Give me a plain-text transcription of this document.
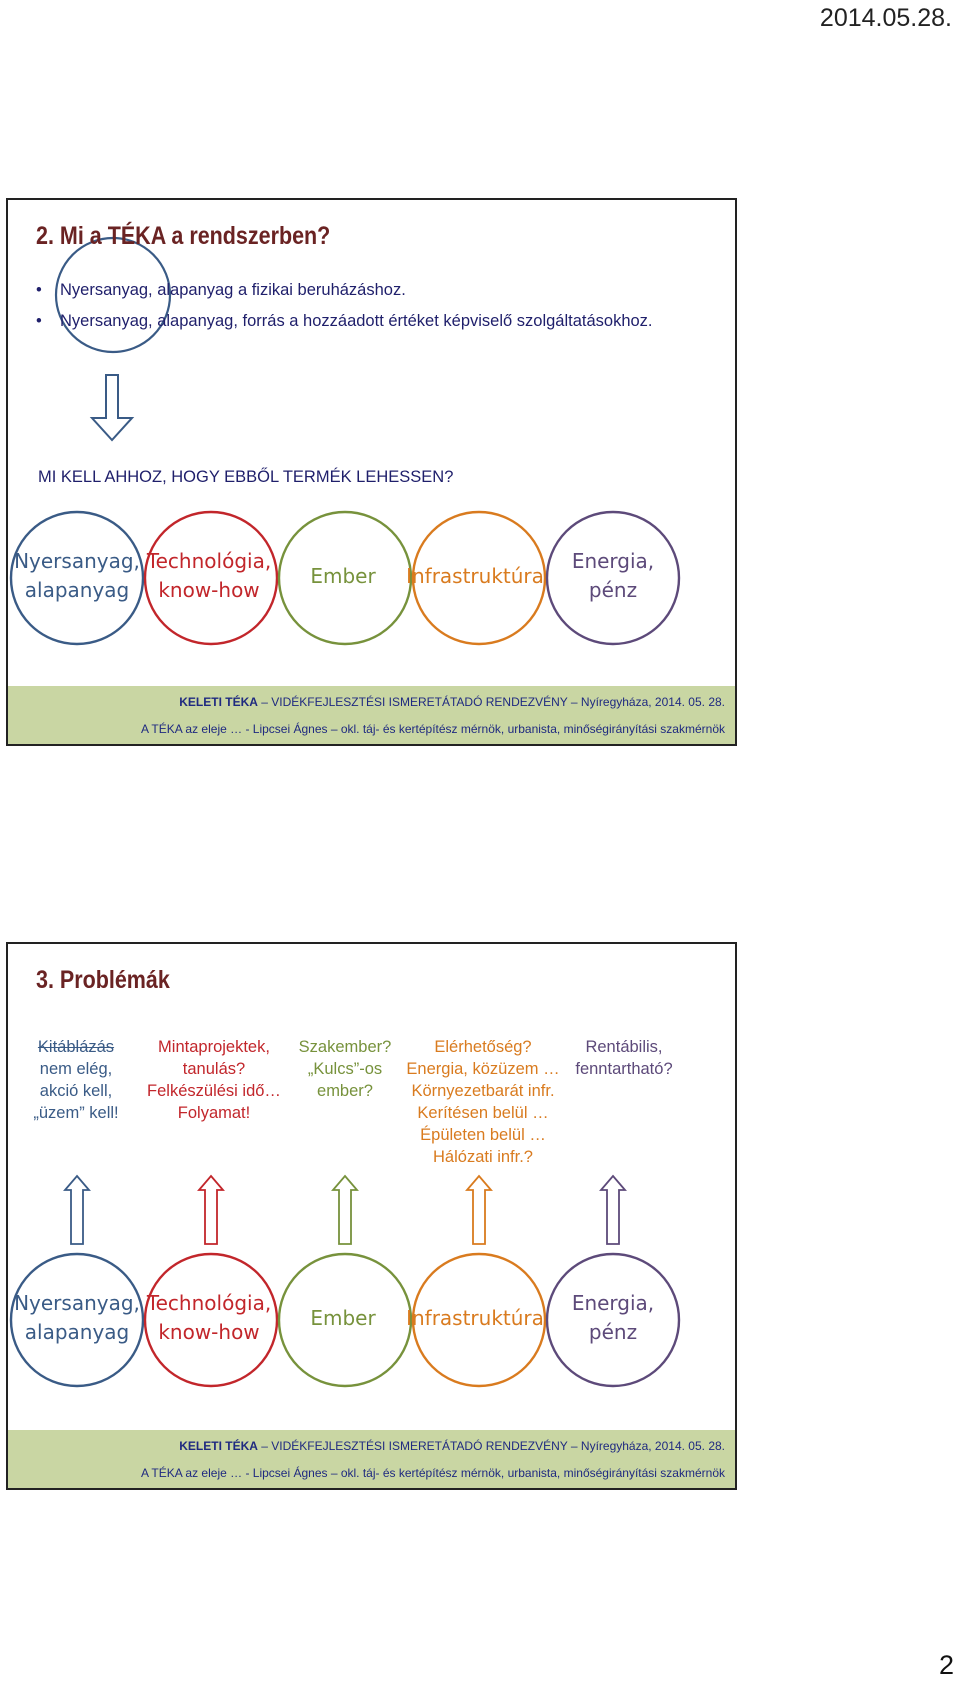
2014.05.28.
2. Mi a TÉKA a rendszerben?
• Nyersanyag, alapanyag a fizikai beruházáshoz.
• Nyersanyag, alapanyag, forrás a hozzáadott értéket képviselő szolgáltatásokhoz.
MI KELL AHHOZ, HOGY EBBŐL TERMÉK LEHESSEN?
Nyersanyag,
alapanyag
Technológia,
know-how
Ember	Infrastruktúra
Energia,
pénz
KELETI TÉKA – VIDÉKFEJLESZTÉSI ISMERETÁTADÓ RENDEZVÉNY – Nyíregyháza, 2014. 05. 28.
A TÉKA az eleje … - Lipcsei Ágnes – okl. táj- és kertépítész mérnök, urbanista, minőségirányítási szakmérnök
3. Problémák
Kitáblázás
nem elég,
akció kell,
„üzem” kell!
Mintaprojektek,
tanulás?
Felkészülési idő…
Folyamat!
Szakember?
„Kulcs”-os
ember?
Elérhetőség?
Energia, közüzem …
Környezetbarát infr.
Kerítésen belül …
Épületen belül …
Hálózati infr.?
Rentábilis,
fenntartható?
Nyersanyag,
alapanyag
Technológia,
know-how
Ember	Infrastruktúra
Energia,
pénz
KELETI TÉKA – VIDÉKFEJLESZTÉSI ISMERETÁTADÓ RENDEZVÉNY – Nyíregyháza, 2014. 05. 28.
A TÉKA az eleje … - Lipcsei Ágnes – okl. táj- és kertépítész mérnök, urbanista, minőségirányítási szakmérnök
2
